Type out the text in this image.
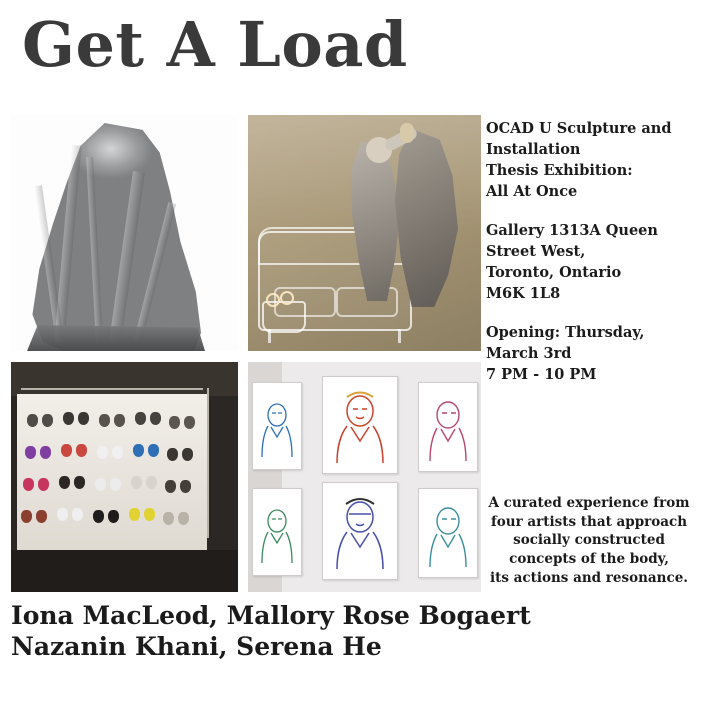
Get A Load
OCAD U Sculpture and
Installation
Thesis Exhibition:
All At Once
Gallery 1313A Queen
Street West,
Toronto, Ontario
M6K 1L8
Opening: Thursday,
March 3rd
7 PM - 10 PM
A curated experience from
four artists that approach
socially constructed
concepts of the body,
its actions and resonance.
Iona MacLeod, Mallory Rose Bogaert
Nazanin Khani, Serena He
